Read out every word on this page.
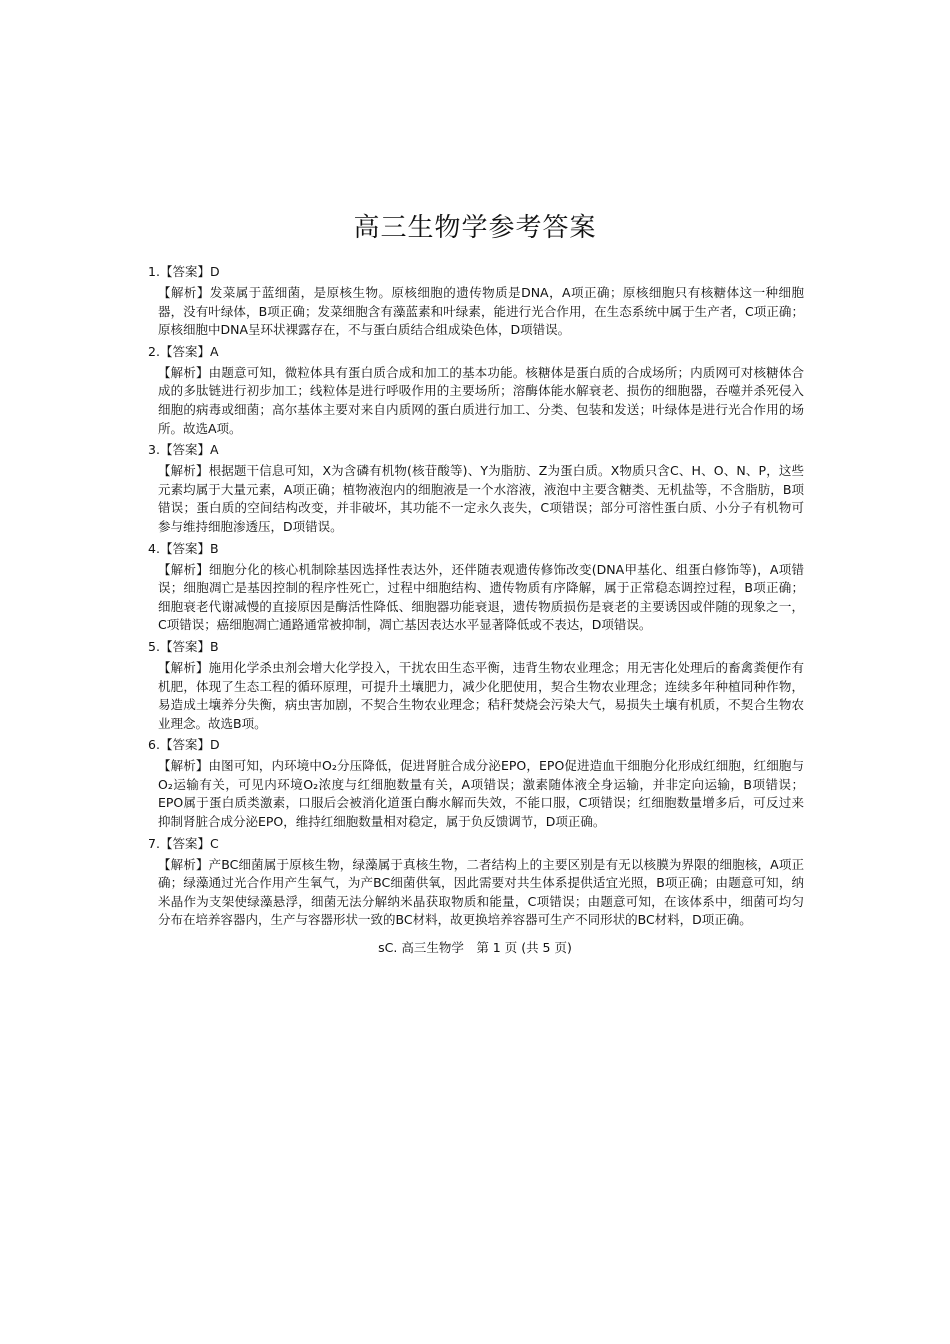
高三生物学参考答案

1.【答案】D

【解析】发菜属于蓝细菌，是原核生物。原核细胞的遗传物质是DNA，A项正确；原核细胞只有核糖体这一种细胞器，没有叶绿体，B项正确；发菜细胞含有藻蓝素和叶绿素，能进行光合作用，在生态系统中属于生产者，C项正确；原核细胞中DNA呈环状裸露存在，不与蛋白质结合组成染色体，D项错误。

2.【答案】A

【解析】由题意可知，微粒体具有蛋白质合成和加工的基本功能。核糖体是蛋白质的合成场所；内质网可对核糖体合成的多肽链进行初步加工；线粒体是进行呼吸作用的主要场所；溶酶体能水解衰老、损伤的细胞器，吞噬并杀死侵入细胞的病毒或细菌；高尔基体主要对来自内质网的蛋白质进行加工、分类、包装和发送；叶绿体是进行光合作用的场所。故选A项。

3.【答案】A

【解析】根据题干信息可知，X为含磷有机物(核苷酸等)、Y为脂肪、Z为蛋白质。X物质只含C、H、O、N、P，这些元素均属于大量元素，A项正确；植物液泡内的细胞液是一个水溶液，液泡中主要含糖类、无机盐等，不含脂肪，B项错误；蛋白质的空间结构改变，并非破坏，其功能不一定永久丧失，C项错误；部分可溶性蛋白质、小分子有机物可参与维持细胞渗透压，D项错误。

4.【答案】B

【解析】细胞分化的核心机制除基因选择性表达外，还伴随表观遗传修饰改变(DNA甲基化、组蛋白修饰等)，A项错误；细胞凋亡是基因控制的程序性死亡，过程中细胞结构、遗传物质有序降解，属于正常稳态调控过程，B项正确；细胞衰老代谢减慢的直接原因是酶活性降低、细胞器功能衰退，遗传物质损伤是衰老的主要诱因或伴随的现象之一，C项错误；癌细胞凋亡通路通常被抑制，凋亡基因表达水平显著降低或不表达，D项错误。

5.【答案】B

【解析】施用化学杀虫剂会增大化学投入，干扰农田生态平衡，违背生物农业理念；用无害化处理后的畜禽粪便作有机肥，体现了生态工程的循环原理，可提升土壤肥力，减少化肥使用，契合生物农业理念；连续多年种植同种作物，易造成土壤养分失衡，病虫害加剧，不契合生物农业理念；秸秆焚烧会污染大气，易损失土壤有机质，不契合生物农业理念。故选B项。

6.【答案】D

【解析】由图可知，内环境中O₂分压降低，促进肾脏合成分泌EPO，EPO促进造血干细胞分化形成红细胞，红细胞与O₂运输有关，可见内环境O₂浓度与红细胞数量有关，A项错误；激素随体液全身运输，并非定向运输，B项错误；EPO属于蛋白质类激素，口服后会被消化道蛋白酶水解而失效，不能口服，C项错误；红细胞数量增多后，可反过来抑制肾脏合成分泌EPO，维持红细胞数量相对稳定，属于负反馈调节，D项正确。

7.【答案】C

【解析】产BC细菌属于原核生物，绿藻属于真核生物，二者结构上的主要区别是有无以核膜为界限的细胞核，A项正确；绿藻通过光合作用产生氧气，为产BC细菌供氧，因此需要对共生体系提供适宜光照，B项正确；由题意可知，纳米晶作为支架使绿藻悬浮，细菌无法分解纳米晶获取物质和能量，C项错误；由题意可知，在该体系中，细菌可均匀分布在培养容器内，生产与容器形状一致的BC材料，故更换培养容器可生产不同形状的BC材料，D项正确。

sC. 高三生物学　第 1 页 (共 5 页)
